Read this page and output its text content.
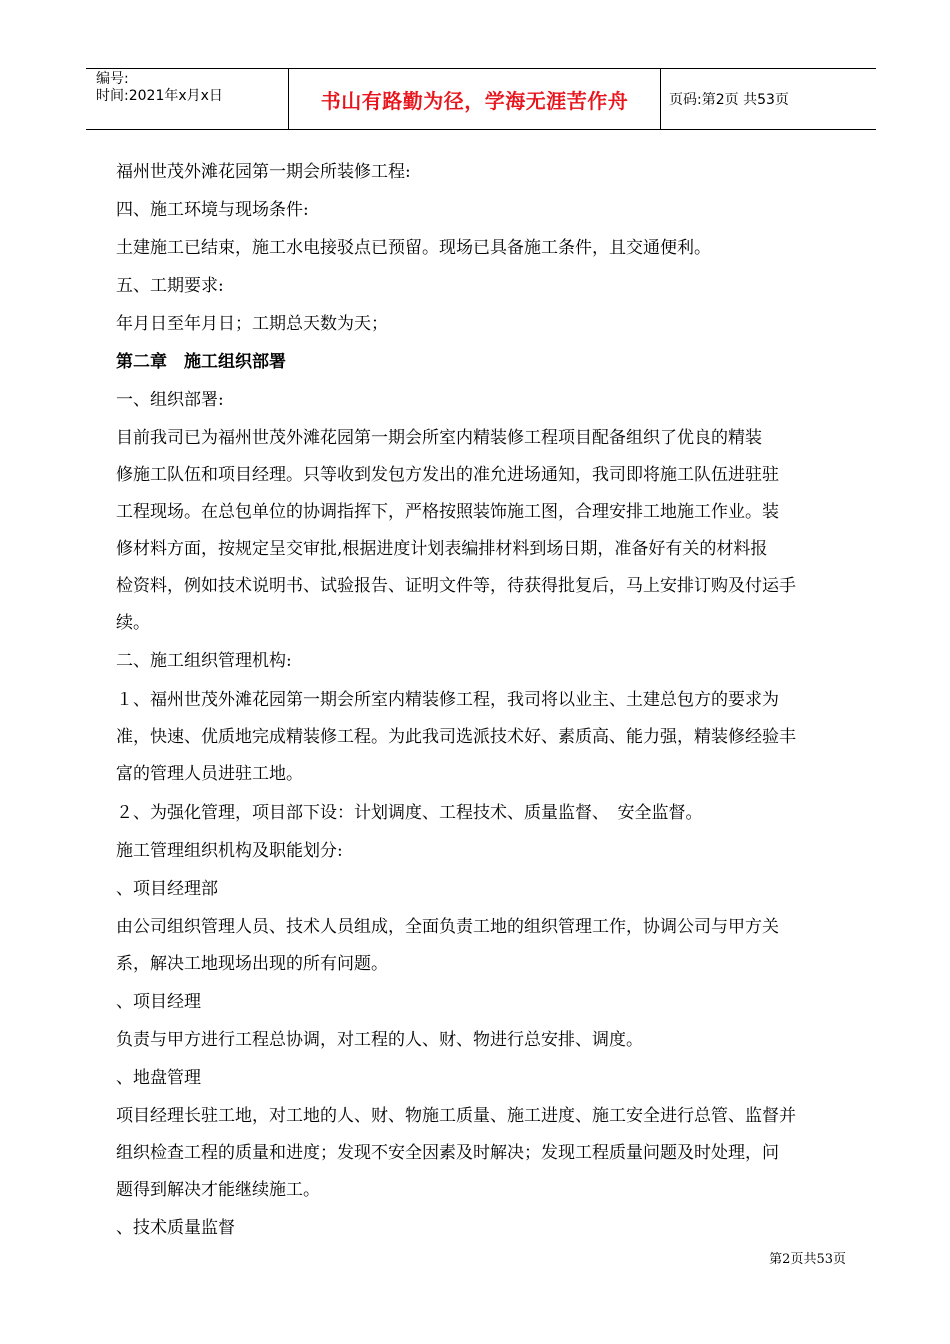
编号:
时间:2021年x月x日	书山有路勤为径，学海无涯苦作舟	页码:第2页 共53页
福州世茂外滩花园第一期会所装修工程:
四、施工环境与现场条件:
土建施工已结束，施工水电接驳点已预留。现场已具备施工条件，且交通便利。
五、工期要求:
年月日至年月日；工期总天数为天；
第二章　施工组织部署
一、组织部署:
目前我司已为福州世茂外滩花园第一期会所室内精装修工程项目配备组织了优良的精装
修施工队伍和项目经理。只等收到发包方发出的准允进场通知，我司即将施工队伍进驻驻
工程现场。在总包单位的协调指挥下，严格按照装饰施工图，合理安排工地施工作业。装
修材料方面，按规定呈交审批,根据进度计划表编排材料到场日期，准备好有关的材料报
检资料，例如技术说明书、试验报告、证明文件等，待获得批复后，马上安排订购及付运手
续。
二、施工组织管理机构:
１、福州世茂外滩花园第一期会所室内精装修工程，我司将以业主、土建总包方的要求为
准，快速、优质地完成精装修工程。为此我司选派技术好、素质高、能力强，精装修经验丰
富的管理人员进驻工地。
２、为强化管理，项目部下设：计划调度、工程技术、质量监督、　安全监督。
施工管理组织机构及职能划分:
、项目经理部
由公司组织管理人员、技术人员组成，全面负责工地的组织管理工作，协调公司与甲方关
系，解决工地现场出现的所有问题。
、项目经理
负责与甲方进行工程总协调，对工程的人、财、物进行总安排、调度。
、地盘管理
项目经理长驻工地，对工地的人、财、物施工质量、施工进度、施工安全进行总管、监督并
组织检查工程的质量和进度；发现不安全因素及时解决；发现工程质量问题及时处理，问
题得到解决才能继续施工。
、技术质量监督
第2页共53页
